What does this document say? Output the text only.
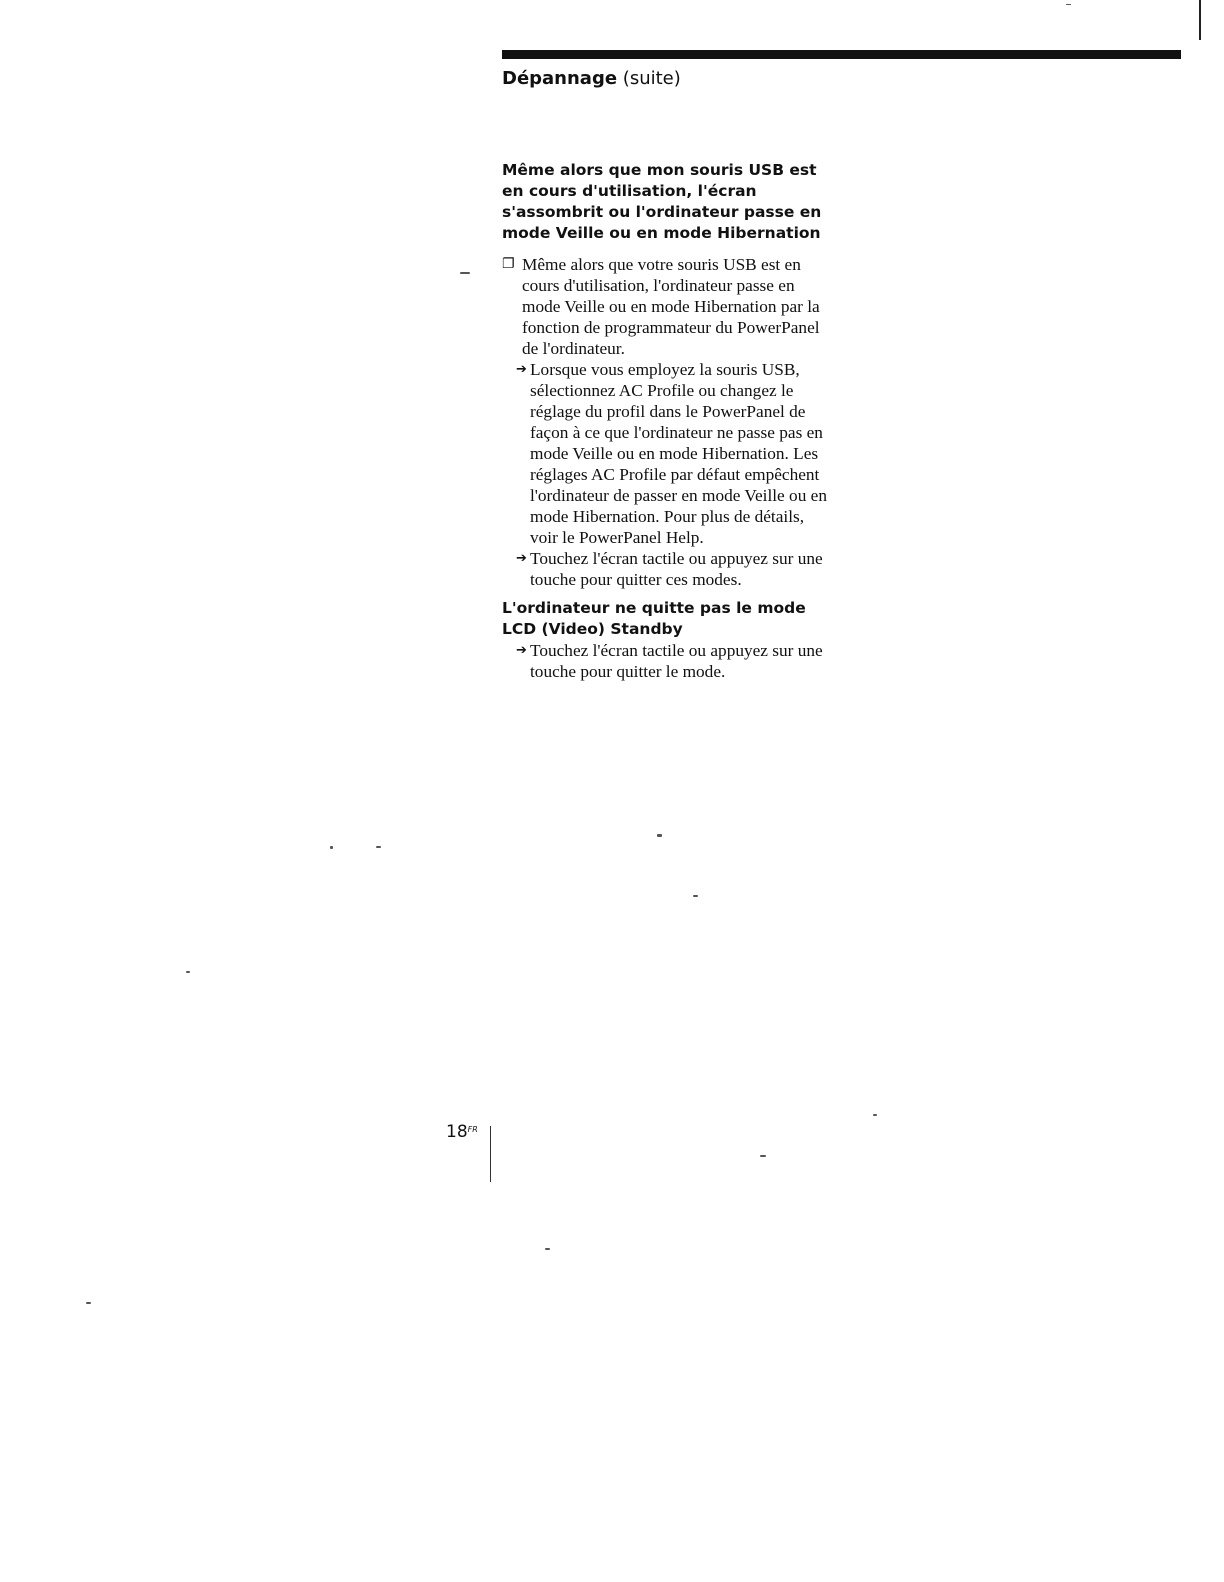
Dépannage (suite)
Même alors que mon souris USB est en cours d'utilisation, l'écran s'assombrit ou l'ordinateur passe en mode Veille ou en mode Hibernation

❐ Même alors que votre souris USB est en cours d'utilisation, l'ordinateur passe en mode Veille ou en mode Hibernation par la fonction de programmateur du PowerPanel de l'ordinateur.

➔ Lorsque vous employez la souris USB, sélectionnez AC Profile ou changez le réglage du profil dans le PowerPanel de façon à ce que l'ordinateur ne passe pas en mode Veille ou en mode Hibernation. Les réglages AC Profile par défaut empêchent l'ordinateur de passer en mode Veille ou en mode Hibernation. Pour plus de détails, voir le PowerPanel Help.

➔ Touchez l'écran tactile ou appuyez sur une touche pour quitter ces modes.

L'ordinateur ne quitte pas le mode LCD (Video) Standby

➔ Touchez l'écran tactile ou appuyez sur une touche pour quitter le mode.

$18^{FR}$
